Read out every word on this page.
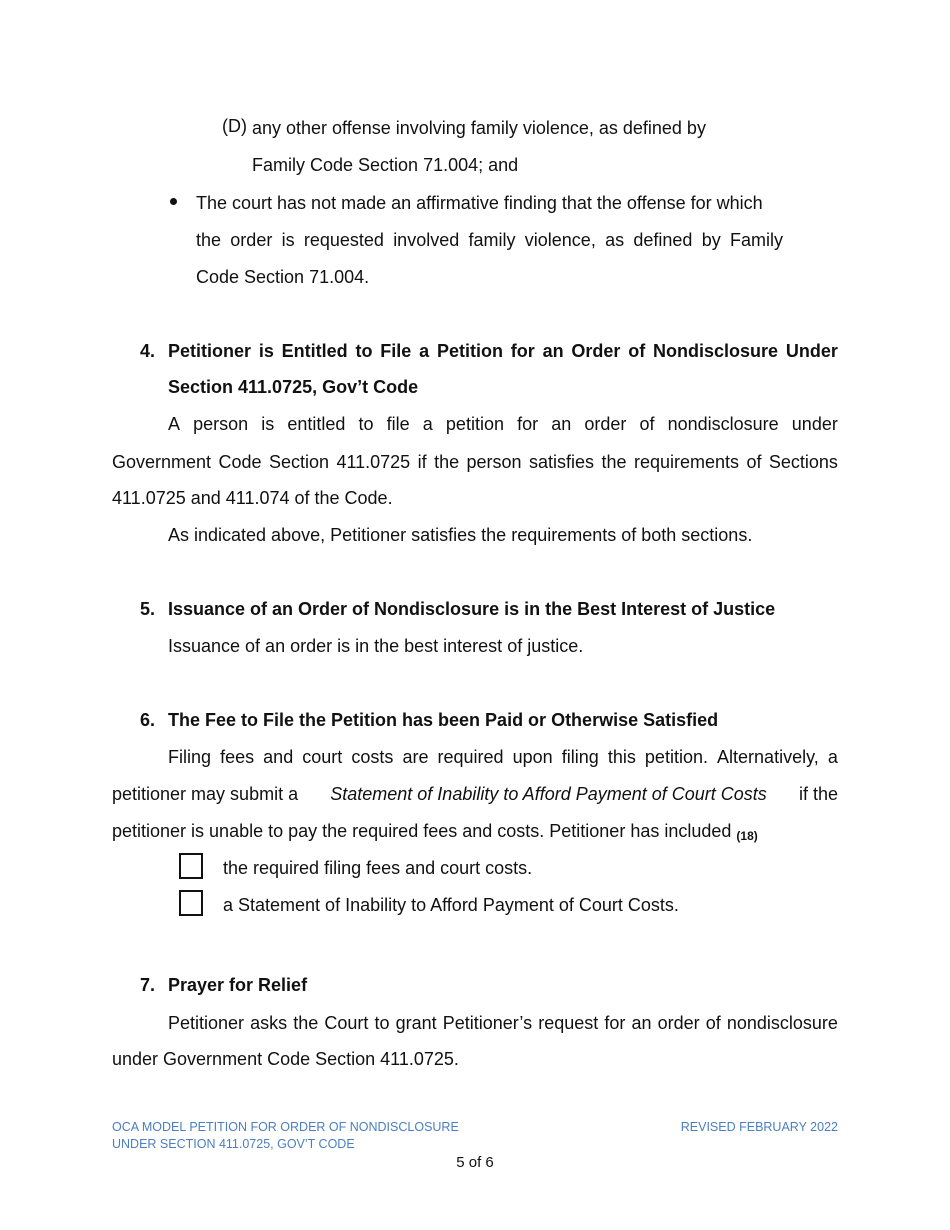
(D) any other offense involving family violence, as defined by
Family Code Section 71.004; and
The court has not made an affirmative finding that the offense for which
the order is requested involved family violence, as defined by Family
Code Section 71.004.
4. Petitioner is Entitled to File a Petition for an Order of Nondisclosure Under
Section 411.0725, Gov’t Code
A person is entitled to file a petition for an order of nondisclosure under
Government Code Section 411.0725 if the person satisfies the requirements of Sections
411.0725 and 411.074 of the Code.
As indicated above, Petitioner satisfies the requirements of both sections.
5. Issuance of an Order of Nondisclosure is in the Best Interest of Justice
Issuance of an order is in the best interest of justice.
6. The Fee to File the Petition has been Paid or Otherwise Satisfied
Filing fees and court costs are required upon filing this petition. Alternatively, a
petitioner may submit a Statement of Inability to Afford Payment of Court Costs if the
petitioner is unable to pay the required fees and costs. Petitioner has included $_{(18)}$
the required filing fees and court costs.
a Statement of Inability to Afford Payment of Court Costs.
7. Prayer for Relief
Petitioner asks the Court to grant Petitioner’s request for an order of nondisclosure
under Government Code Section 411.0725.
OCA MODEL PETITION FOR ORDER OF NONDISCLOSURE
UNDER SECTION 411.0725, GOV’T CODE
REVISED FEBRUARY 2022
5 of 6
